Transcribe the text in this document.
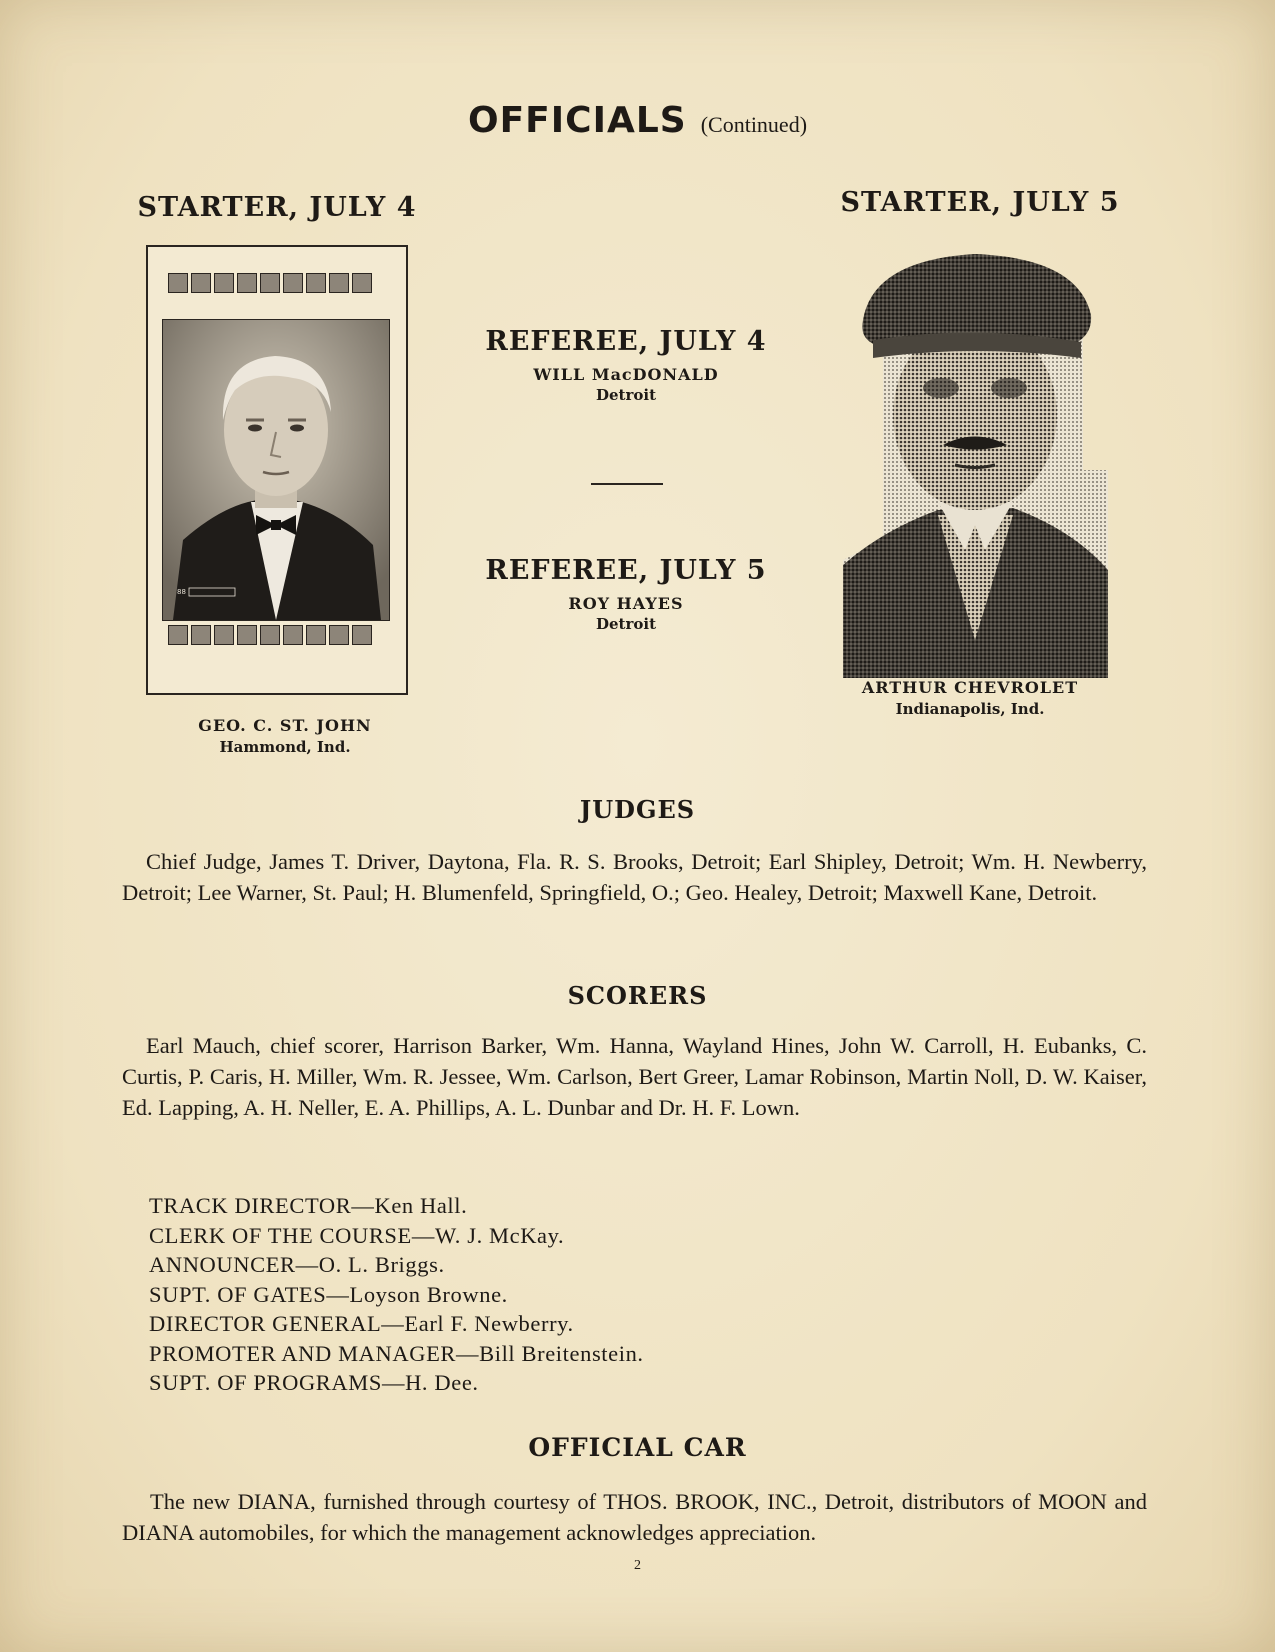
OFFICIALS (Continued)
STARTER, JULY 4
88
GEO. C. ST. JOHN
Hammond, Ind.
REFEREE, JULY 4
WILL MacDONALD
Detroit
REFEREE, JULY 5
ROY HAYES
Detroit
STARTER, JULY 5
ARTHUR CHEVROLET
Indianapolis, Ind.
JUDGES
Chief Judge, James T. Driver, Daytona, Fla. R. S. Brooks, Detroit; Earl Shipley, Detroit; Wm. H. Newberry, Detroit; Lee Warner, St. Paul; H. Blumenfeld, Springfield, O.; Geo. Healey, Detroit; Maxwell Kane, Detroit.
SCORERS
Earl Mauch, chief scorer, Harrison Barker, Wm. Hanna, Wayland Hines, John W. Carroll, H. Eubanks, C. Curtis, P. Caris, H. Miller, Wm. R. Jessee, Wm. Carlson, Bert Greer, Lamar Robinson, Martin Noll, D. W. Kaiser, Ed. Lapping, A. H. Neller, E. A. Phillips, A. L. Dunbar and Dr. H. F. Lown.
TRACK DIRECTOR—Ken Hall.
CLERK OF THE COURSE—W. J. McKay.
ANNOUNCER—O. L. Briggs.
SUPT. OF GATES—Loyson Browne.
DIRECTOR GENERAL—Earl F. Newberry.
PROMOTER AND MANAGER—Bill Breitenstein.
SUPT. OF PROGRAMS—H. Dee.
OFFICIAL CAR
The new DIANA, furnished through courtesy of THOS. BROOK, INC., Detroit, distributors of MOON and DIANA automobiles, for which the management acknowledges appreciation.
2
